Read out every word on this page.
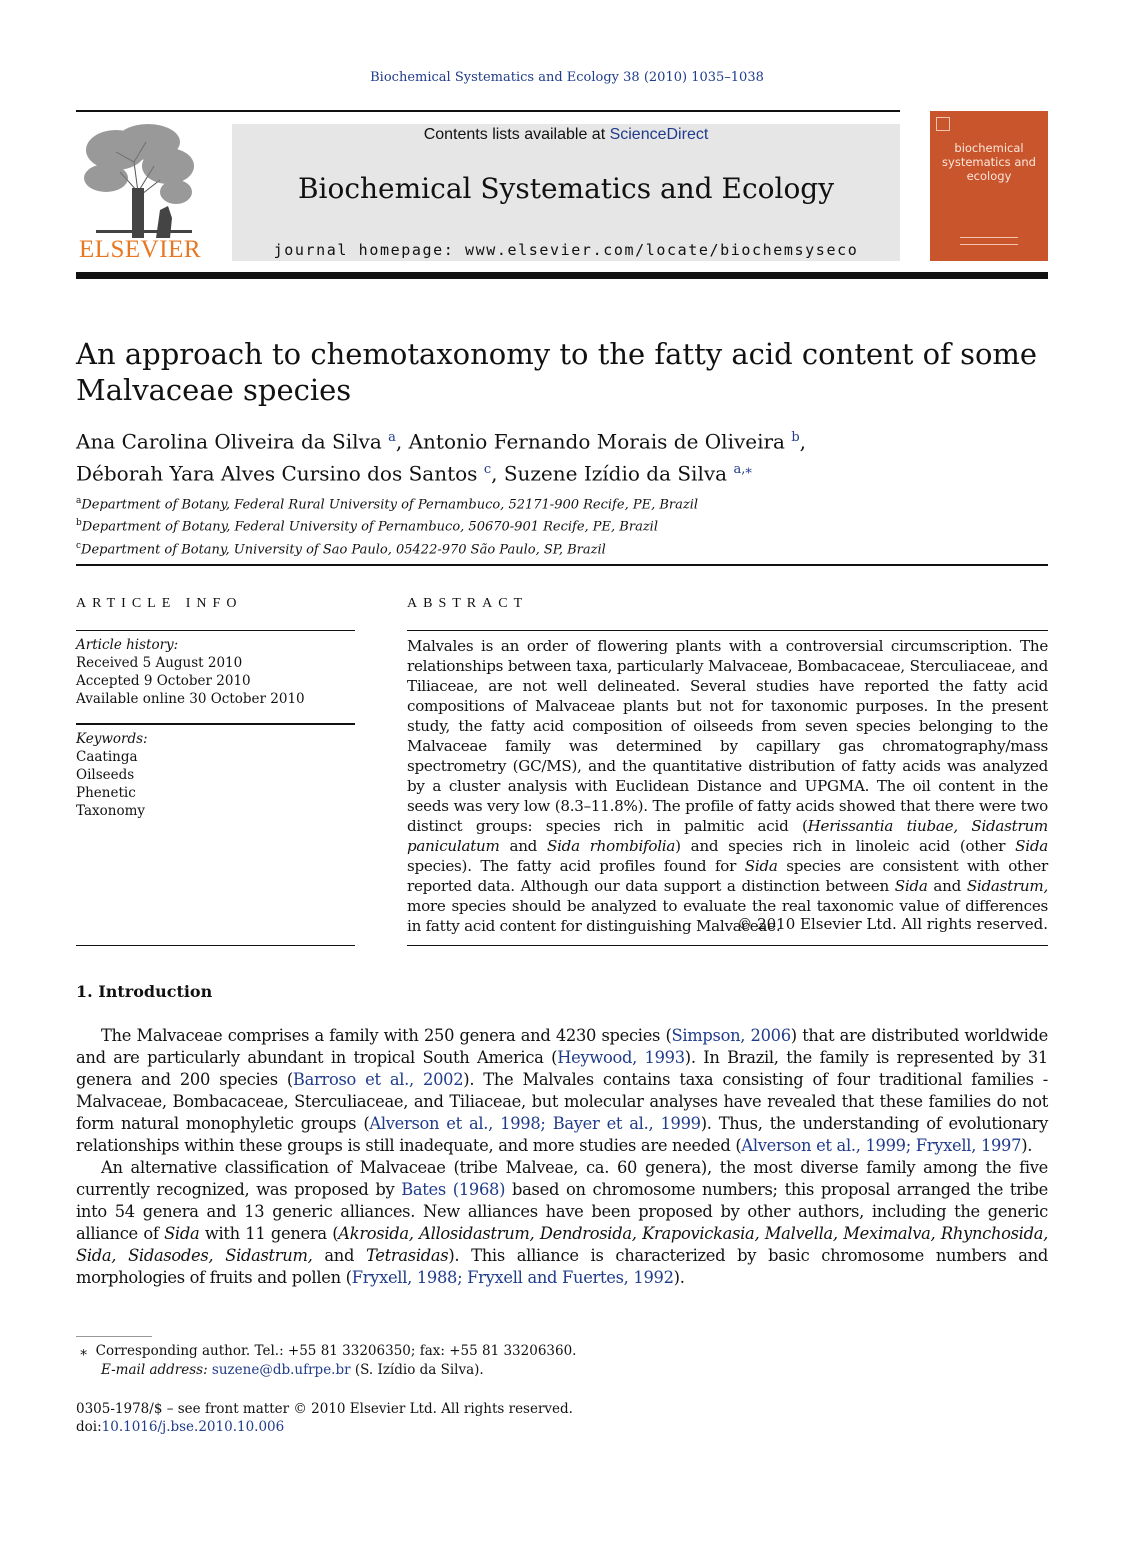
Biochemical Systematics and Ecology 38 (2010) 1035–1038
ELSEVIER
Contents lists available at ScienceDirect
Biochemical Systematics and Ecology
journal homepage: www.elsevier.com/locate/biochemsyseco
biochemical systematics and ecology
An approach to chemotaxonomy to the fatty acid content of some Malvaceae species
Ana Carolina Oliveira da Silva $^a$, Antonio Fernando Morais de Oliveira $^b$,
Déborah Yara Alves Cursino dos Santos $^c$, Suzene Izídio da Silva $^{a,⁎}$
$^a$Department of Botany, Federal Rural University of Pernambuco, 52171-900 Recife, PE, Brazil
$^b$Department of Botany, Federal University of Pernambuco, 50670-901 Recife, PE, Brazil
$^c$Department of Botany, University of Sao Paulo, 05422-970 São Paulo, SP, Brazil
ARTICLE INFO
Article history:
Received 5 August 2010
Accepted 9 October 2010
Available online 30 October 2010
Keywords:
Caatinga
Oilseeds
Phenetic
Taxonomy
ABSTRACT
Malvales is an order of flowering plants with a controversial circumscription. The relationships between taxa, particularly Malvaceae, Bombacaceae, Sterculiaceae, and Tiliaceae, are not well delineated. Several studies have reported the fatty acid compositions of Malvaceae plants but not for taxonomic purposes. In the present study, the fatty acid composition of oilseeds from seven species belonging to the Malvaceae family was determined by capillary gas chromatography/mass spectrometry (GC/MS), and the quantitative distribution of fatty acids was analyzed by a cluster analysis with Euclidean Distance and UPGMA. The oil content in the seeds was very low (8.3–11.8%). The profile of fatty acids showed that there were two distinct groups: species rich in palmitic acid (Herissantia tiubae, Sidastrum paniculatum and Sida rhombifolia) and species rich in linoleic acid (other Sida species). The fatty acid profiles found for Sida species are consistent with other reported data. Although our data support a distinction between Sida and Sidastrum, more species should be analyzed to evaluate the real taxonomic value of differences in fatty acid content for distinguishing Malvaceae.
© 2010 Elsevier Ltd. All rights reserved.
1. Introduction

The Malvaceae comprises a family with 250 genera and 4230 species (Simpson, 2006) that are distributed worldwide and are particularly abundant in tropical South America (Heywood, 1993). In Brazil, the family is represented by 31 genera and 200 species (Barroso et al., 2002). The Malvales contains taxa consisting of four traditional families - Malvaceae, Bombacaceae, Sterculiaceae, and Tiliaceae, but molecular analyses have revealed that these families do not form natural monophyletic groups (Alverson et al., 1998; Bayer et al., 1999). Thus, the understanding of evolutionary relationships within these groups is still inadequate, and more studies are needed (Alverson et al., 1999; Fryxell, 1997).

An alternative classification of Malvaceae (tribe Malveae, ca. 60 genera), the most diverse family among the five currently recognized, was proposed by Bates (1968) based on chromosome numbers; this proposal arranged the tribe into 54 genera and 13 generic alliances. New alliances have been proposed by other authors, including the generic alliance of Sida with 11 genera (Akrosida, Allosidastrum, Dendrosida, Krapovickasia, Malvella, Meximalva, Rhynchosida, Sida, Sidasodes, Sidastrum, and Tetrasidas). This alliance is characterized by basic chromosome numbers and morphologies of fruits and pollen (Fryxell, 1988; Fryxell and Fuertes, 1992).

⁎ Corresponding author. Tel.: +55 81 33206350; fax: +55 81 33206360.
E-mail address: suzene@db.ufrpe.br (S. Izídio da Silva).
0305-1978/$ – see front matter © 2010 Elsevier Ltd. All rights reserved.
doi:10.1016/j.bse.2010.10.006
